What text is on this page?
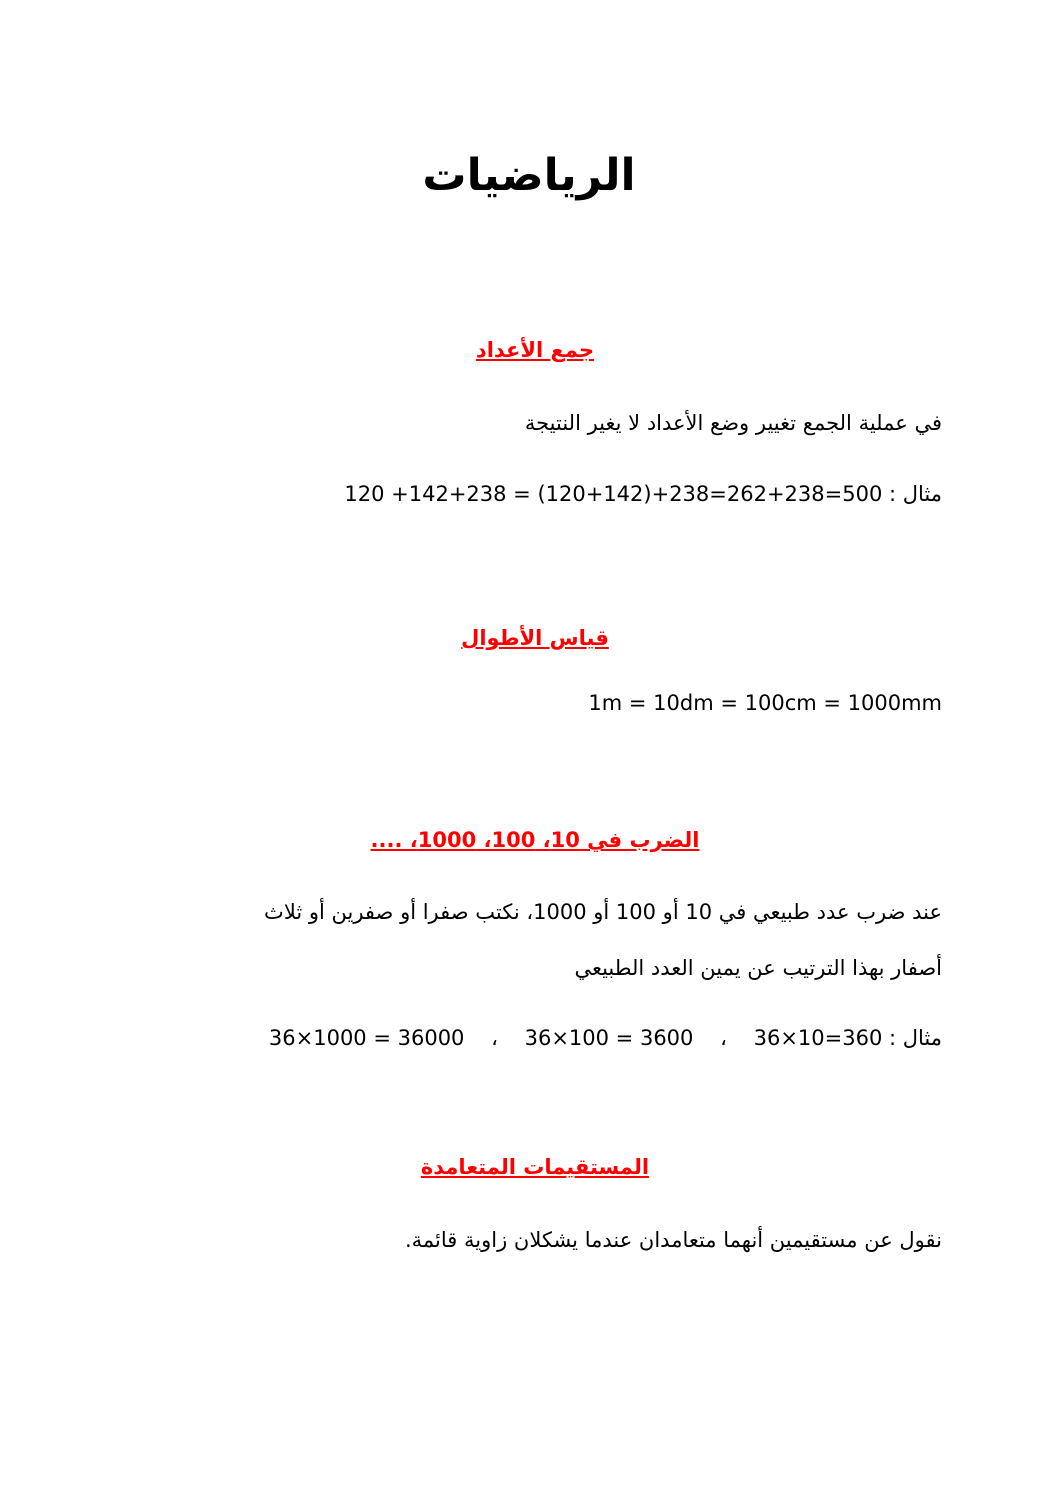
الرياضيات
جمع الأعداد

في عملية الجمع تغيير وضع الأعداد لا يغير النتيجة

مثال : 120 +142+238 = (120+142)+238=262+238=500

قياس الأطوال

1m = 10dm = 100cm = 1000mm

الضرب في 10، 100، 1000، ....

عند ضرب عدد طبيعي في 10 أو 100 أو 1000، نكتب صفرا أو صفرين أو ثلاث

أصفار بهذا الترتيب عن يمين العدد الطبيعي

مثال : 36×10=360    ،    36×100 = 3600    ،    36×1000 = 36000

المستقيمات المتعامدة

نقول عن مستقيمين أنهما متعامدان عندما يشكلان زاوية قائمة.
